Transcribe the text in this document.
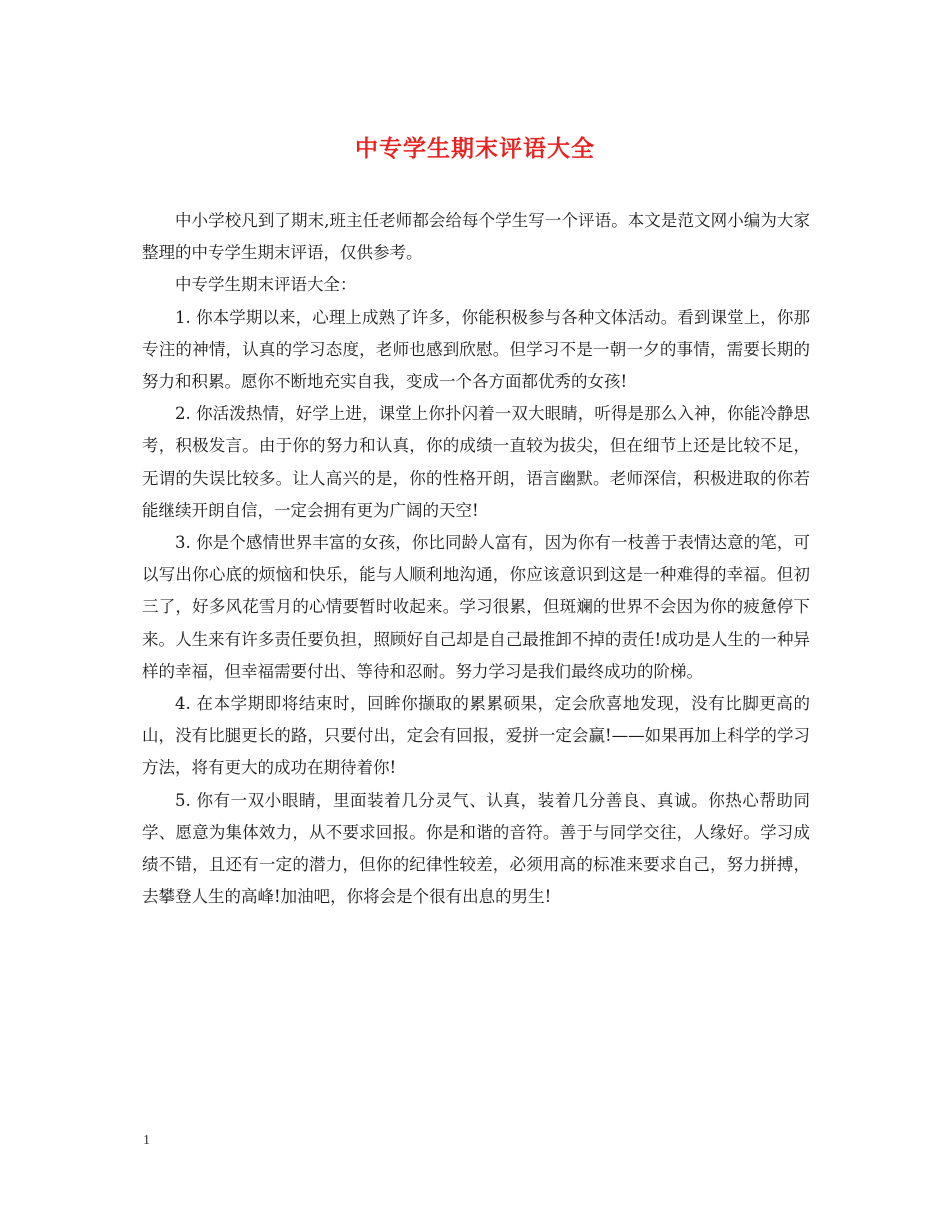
中专学生期末评语大全

中小学校凡到了期末,班主任老师都会给每个学生写一个评语。本文是范文网小编为大家整理的中专学生期末评语，仅供参考。

中专学生期末评语大全：

1. 你本学期以来，心理上成熟了许多，你能积极参与各种文体活动。看到课堂上，你那专注的神情，认真的学习态度，老师也感到欣慰。但学习不是一朝一夕的事情，需要长期的努力和积累。愿你不断地充实自我，变成一个各方面都优秀的女孩!

2. 你活泼热情，好学上进，课堂上你扑闪着一双大眼睛，听得是那么入神，你能冷静思考，积极发言。由于你的努力和认真，你的成绩一直较为拔尖，但在细节上还是比较不足，无谓的失误比较多。让人高兴的是，你的性格开朗，语言幽默。老师深信，积极进取的你若能继续开朗自信，一定会拥有更为广阔的天空!

3. 你是个感情世界丰富的女孩，你比同龄人富有，因为你有一枝善于表情达意的笔，可以写出你心底的烦恼和快乐，能与人顺利地沟通，你应该意识到这是一种难得的幸福。但初三了，好多风花雪月的心情要暂时收起来。学习很累，但斑斓的世界不会因为你的疲惫停下来。人生来有许多责任要负担，照顾好自己却是自己最推卸不掉的责任!成功是人生的一种异样的幸福，但幸福需要付出、等待和忍耐。努力学习是我们最终成功的阶梯。

4. 在本学期即将结束时，回眸你撷取的累累硕果，定会欣喜地发现，没有比脚更高的山，没有比腿更长的路，只要付出，定会有回报，爱拼一定会赢!——如果再加上科学的学习方法，将有更大的成功在期待着你!

5. 你有一双小眼睛，里面装着几分灵气、认真，装着几分善良、真诚。你热心帮助同学、愿意为集体效力，从不要求回报。你是和谐的音符。善于与同学交往，人缘好。学习成绩不错，且还有一定的潜力，但你的纪律性较差，必须用高的标准来要求自己，努力拼搏，去攀登人生的高峰!加油吧，你将会是个很有出息的男生!

1
